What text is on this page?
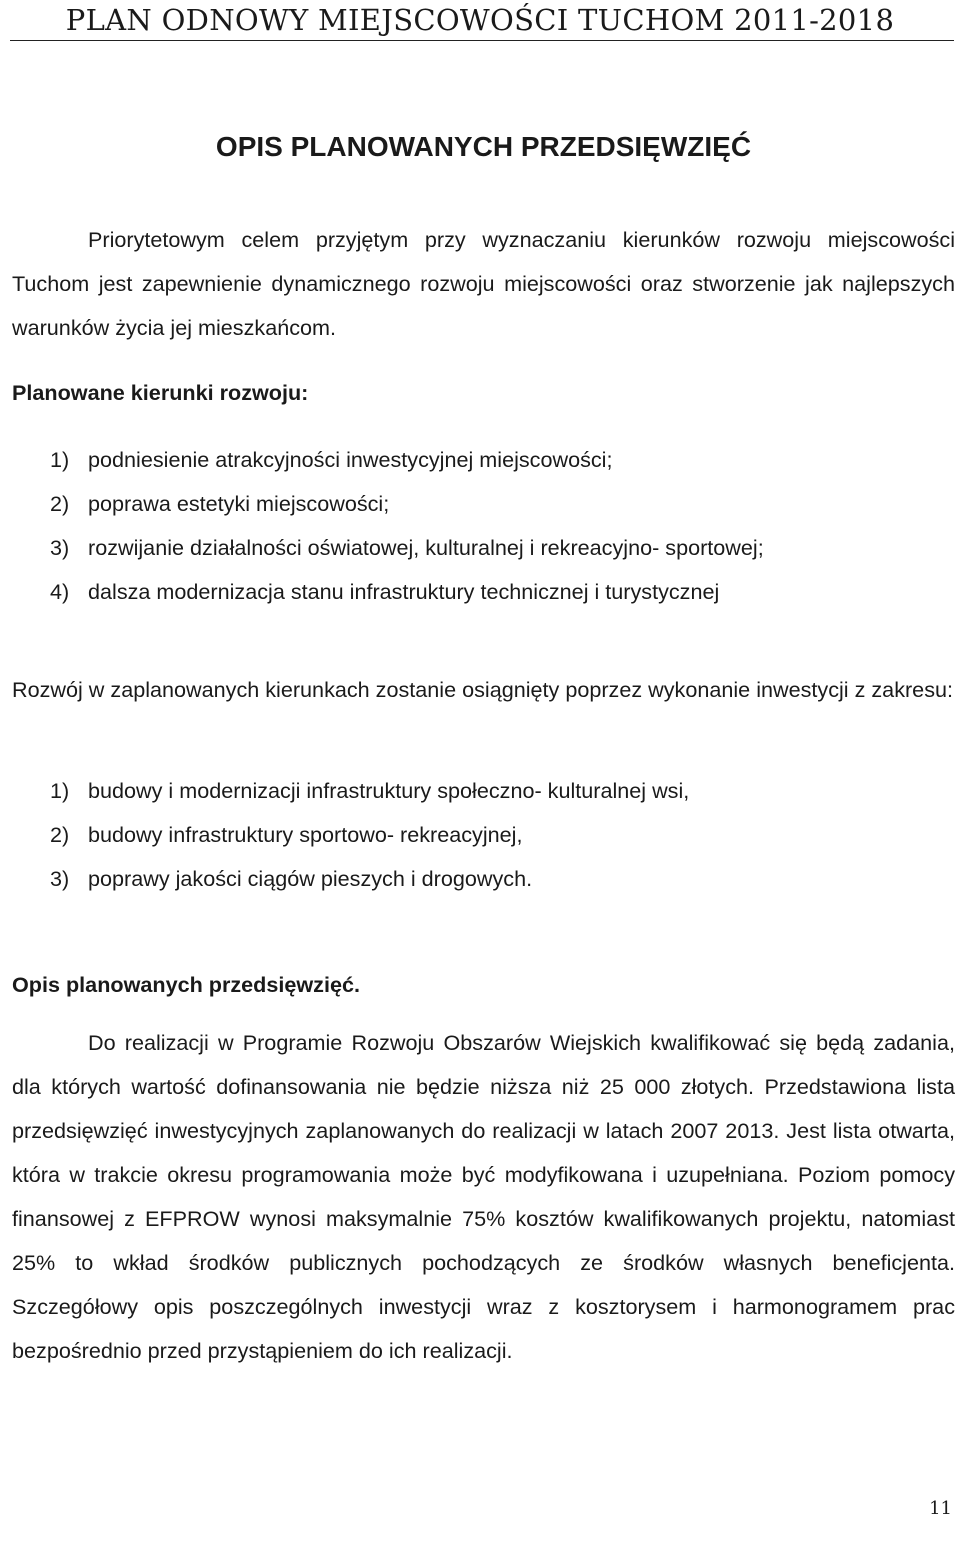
PLAN ODNOWY MIEJSCOWOŚCI TUCHOM 2011-2018
OPIS PLANOWANYCH PRZEDSIĘWZIĘĆ

Priorytetowym celem przyjętym przy wyznaczaniu kierunków rozwoju miejscowości Tuchom jest zapewnienie dynamicznego rozwoju miejscowości oraz stworzenie jak najlepszych warunków życia jej mieszkańcom.

Planowane kierunki rozwoju:
1) podniesienie atrakcyjności inwestycyjnej miejscowości;
2) poprawa estetyki miejscowości;
3) rozwijanie działalności oświatowej, kulturalnej i rekreacyjno- sportowej;
4) dalsza modernizacja stanu infrastruktury technicznej i turystycznej

Rozwój w zaplanowanych kierunkach zostanie osiągnięty poprzez wykonanie inwestycji z zakresu:

1) budowy i modernizacji infrastruktury społeczno- kulturalnej wsi,
2) budowy infrastruktury sportowo- rekreacyjnej,
3) poprawy jakości ciągów pieszych i drogowych.
Opis planowanych przedsięwzięć.

Do realizacji w Programie Rozwoju Obszarów Wiejskich kwalifikować się będą zadania, dla których wartość dofinansowania nie będzie niższa niż 25 000 złotych. Przedstawiona lista przedsięwzięć inwestycyjnych zaplanowanych do realizacji w latach 2007 2013. Jest lista otwarta, która w trakcie okresu programowania może być modyfikowana i uzupełniana. Poziom pomocy finansowej z EFPROW wynosi maksymalnie 75% kosztów kwalifikowanych projektu, natomiast 25% to wkład środków publicznych pochodzących ze środków własnych beneficjenta. Szczegółowy opis poszczególnych inwestycji wraz z kosztorysem i harmonogramem prac bezpośrednio przed przystąpieniem do ich realizacji.

11
